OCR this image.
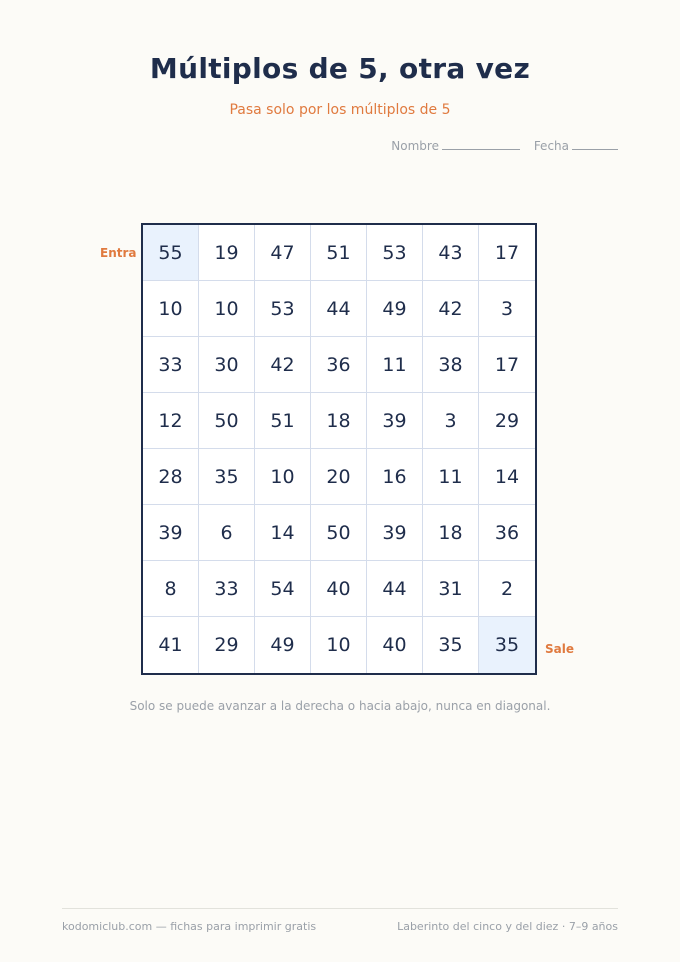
Múltiplos de 5, otra vez
Pasa solo por los múltiplos de 5
Nombre	Fecha
Entra
Sale
55	19	47	51	53	43	17
10	10	53	44	49	42	3
33	30	42	36	11	38	17
12	50	51	18	39	3	29
28	35	10	20	16	11	14
39	6	14	50	39	18	36
8	33	54	40	44	31	2
41	29	49	10	40	35	35
Solo se puede avanzar a la derecha o hacia abajo, nunca en diagonal.
kodomiclub.com — fichas para imprimir gratis	Laberinto del cinco y del diez · 7–9 años
